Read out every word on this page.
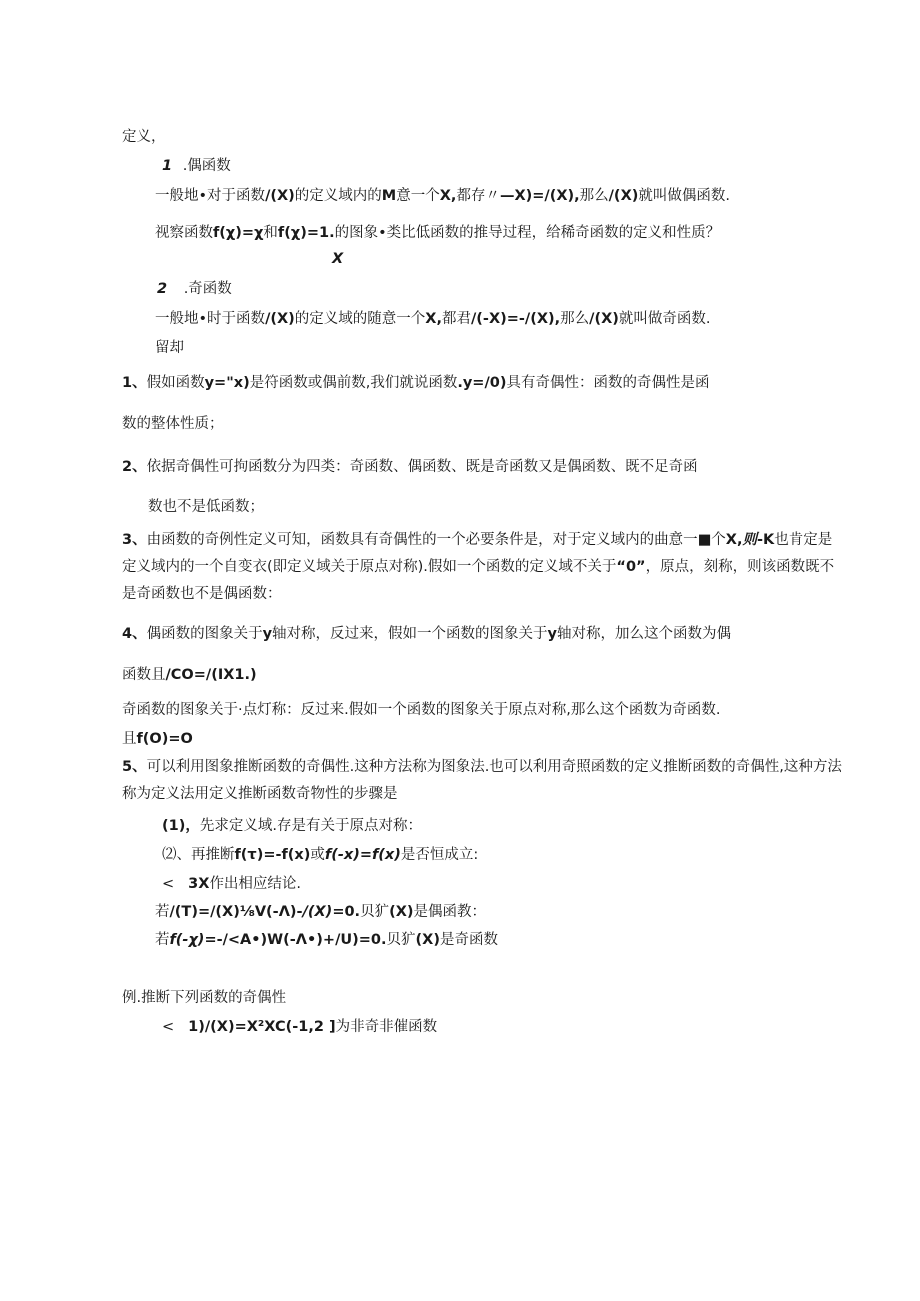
定义，
1 .偶函数
一般地•对于函数/(X)的定义域内的M意一个X,都存〃—X)=/(X),那么/(X)就叫做偶函数.
视察函数f(χ)=χ和f(χ)=1.的图象•类比低函数的推导过程，给稀奇函数的定义和性质？
X
2 .奇函数
一般地•时于函数/(X)的定义域的随意一个X,都君/(-X)=-/(X),那么/(X)就叫做奇函数.
留却
1、假如函数y="x)是符函数或偶前数,我们就说函数.y=/0)具有奇偶性：函数的奇偶性是函
数的整体性质；
2、依据奇偶性可拘函数分为四类：奇函数、偶函数、既是奇函数又是偶函数、既不足奇函
数也不是低函数；
3、由函数的奇例性定义可知，函数具有奇偶性的一个必要条件是，对于定义域内的曲意一■个X,则-K也肯定是定义域内的一个自变衣(即定义域关于原点对称).假如一个函数的定义域不关于“0”，原点，刻称，则该函数既不是奇函数也不是偶函数：
4、偶函数的图象关于y轴对称，反过来，假如一个函数的图象关于y轴对称，加么这个函数为偶
函数且/CO=/(IX1.)
奇函数的图象关于·点灯称：反过来.假如一个函数的图象关于原点对称,那么这个函数为奇函数.
且f(O)=O
5、可以利用图象推断函数的奇偶性.这种方法称为图象法.也可以利用奇照函数的定义推断函数的奇偶性,这种方法称为定义法用定义推断函数奇物性的步骤是
(1)，先求定义域.存是有关于原点对称：
⑵、再推断f(τ)=-f(x)或f(-x)=f(x)是否恒成立:
< 3X作出相应结论.
若/(T)=/(X)⅛V(-Λ)-∕(X)=0.贝犷(X)是偶函教：
若f(-χ)=-/<A•)W(-Λ•)+/U)=0.贝犷(X)是奇函数
例.推断下列函数的奇偶性
< 1)/(X)=X²XC(-1,2 ]为非奇非催函数
